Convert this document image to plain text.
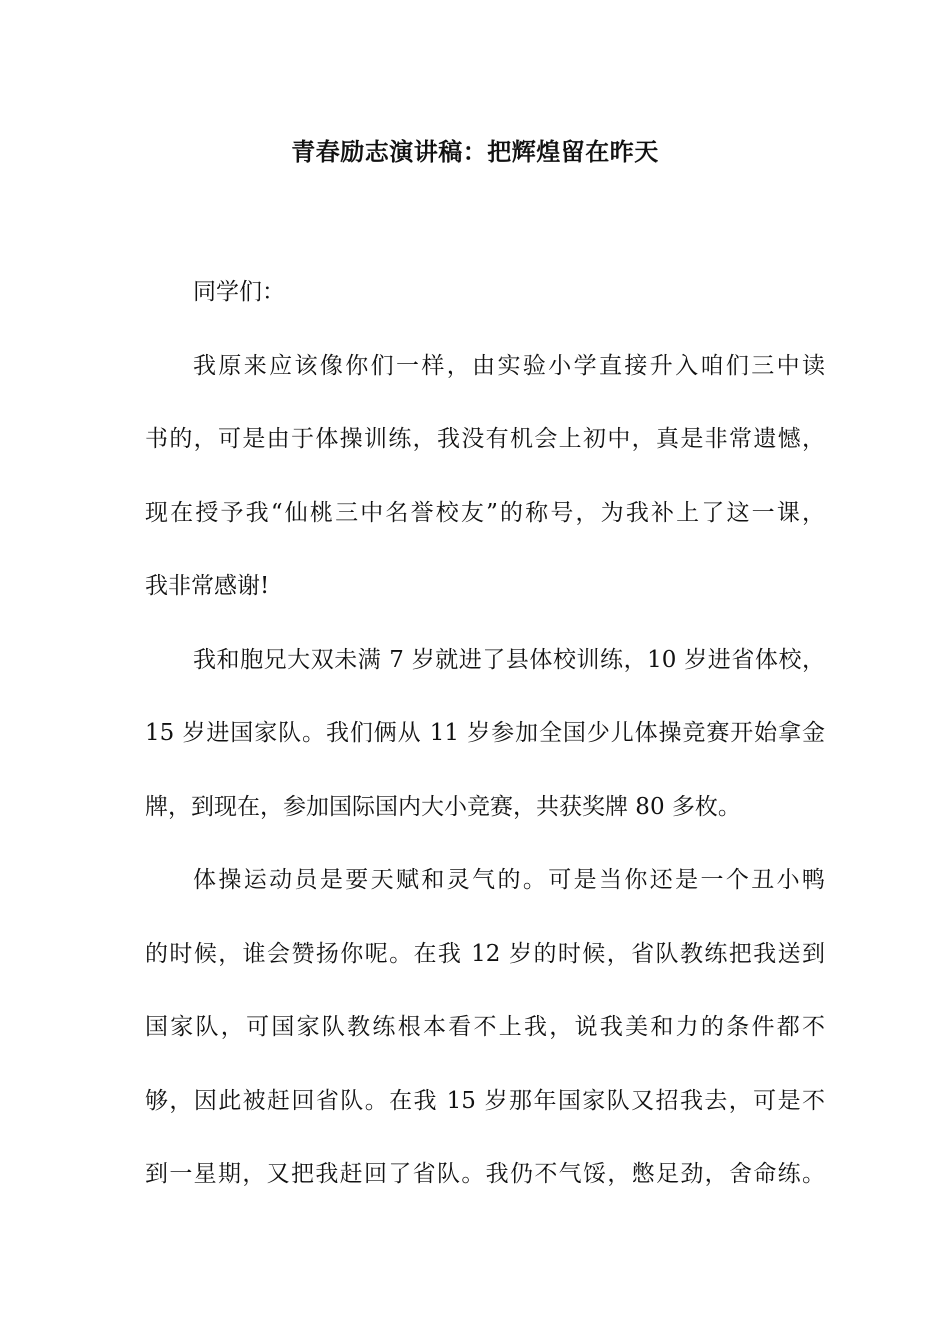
青春励志演讲稿：把辉煌留在昨天
同学们：
我原来应该像你们一样，由实验小学直接升入咱们三中读
书的，可是由于体操训练，我没有机会上初中，真是非常遗憾，
现在授予我“仙桃三中名誉校友”的称号，为我补上了这一课，
我非常感谢!
我和胞兄大双未满 7 岁就进了县体校训练，10 岁进省体校，
15 岁进国家队。我们俩从 11 岁参加全国少儿体操竞赛开始拿金
牌，到现在，参加国际国内大小竞赛，共获奖牌 80 多枚。
体操运动员是要天赋和灵气的。可是当你还是一个丑小鸭
的时候，谁会赞扬你呢。在我 12 岁的时候，省队教练把我送到
国家队，可国家队教练根本看不上我，说我美和力的条件都不
够，因此被赶回省队。在我 15 岁那年国家队又招我去，可是不
到一星期，又把我赶回了省队。我仍不气馁，憋足劲，舍命练。
